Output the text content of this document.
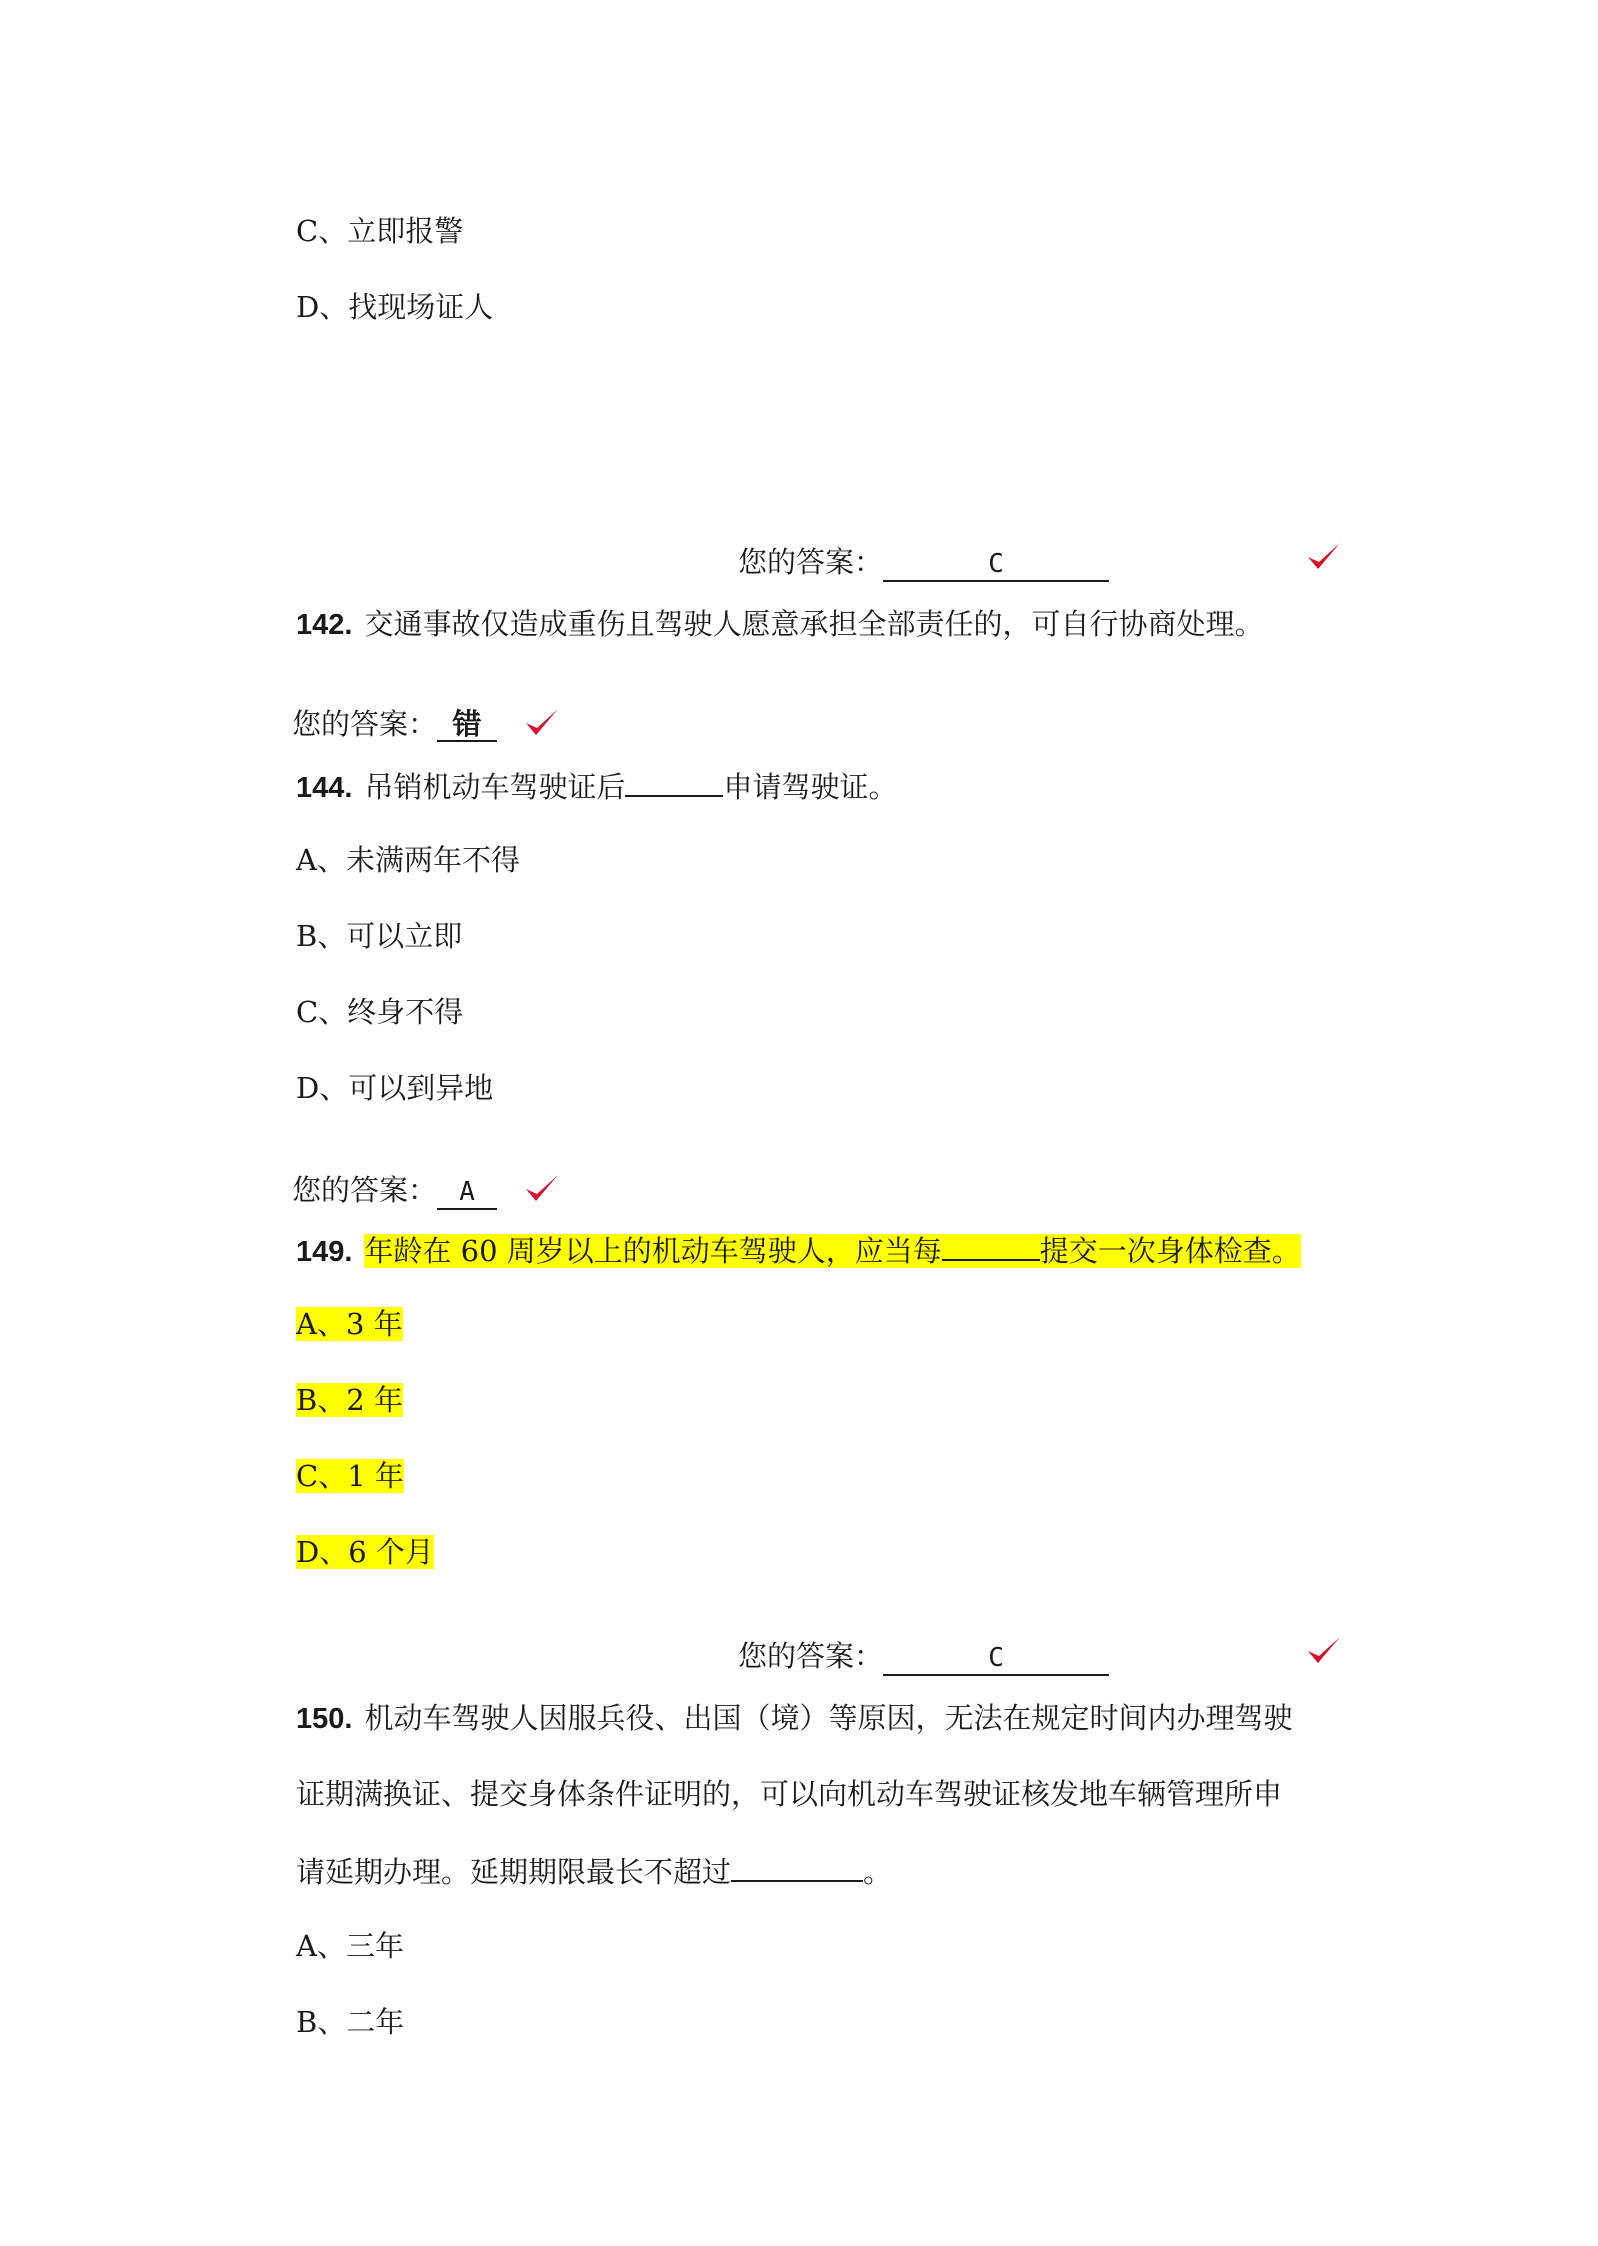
C、立即报警
D、找现场证人
您的答案：	C
142. 交通事故仅造成重伤且驾驶人愿意承担全部责任的，可自行协商处理。
您的答案： 错
144. 吊销机动车驾驶证后	申请驾驶证。
A、未满两年不得
B、可以立即
C、终身不得
D、可以到异地
您的答案： A
149. 年龄在 60 周岁以上的机动车驾驶人，应当每	提交一次身体检查。
A、3 年
B、2 年
C、1 年
D、6 个月
您的答案：	C
150. 机动车驾驶人因服兵役、出国（境）等原因，无法在规定时间内办理驾驶
证期满换证、提交身体条件证明的，可以向机动车驾驶证核发地车辆管理所申
请延期办理。延期期限最长不超过	。
A、三年
B、二年
